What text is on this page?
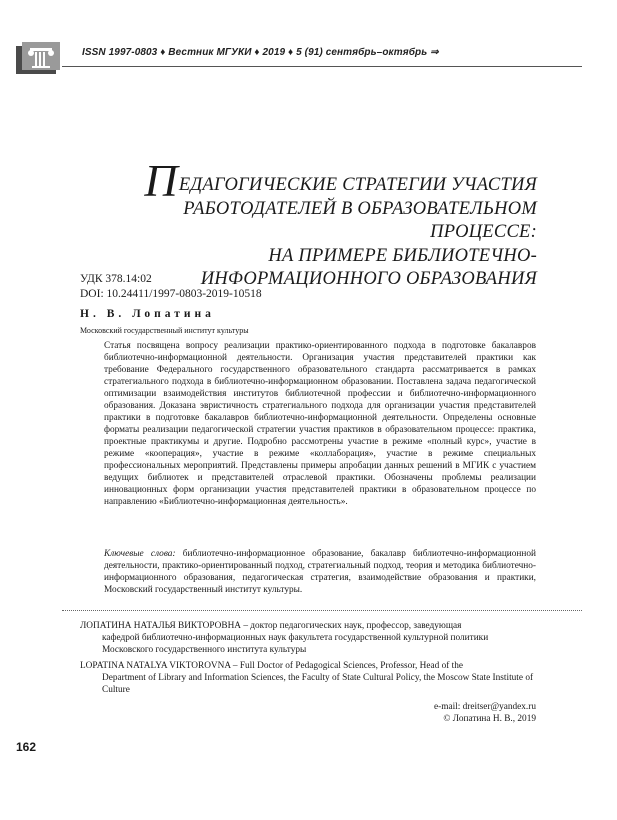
ISSN 1997-0803 ♦ Вестник МГУКИ ♦ 2019 ♦ 5 (91) сентябрь–октябрь ⇒
ПЕДАГОГИЧЕСКИЕ СТРАТЕГИИ УЧАСТИЯ
РАБОТОДАТЕЛЕЙ В ОБРАЗОВАТЕЛЬНОМ ПРОЦЕССЕ:
НА ПРИМЕРЕ БИБЛИОТЕЧНО-
ИНФОРМАЦИОННОГО ОБРАЗОВАНИЯ
УДК 378.14:02
DOI: 10.24411/1997-0803-2019-10518
Н. В. Лопатина
Московский государственный институт культуры
Статья посвящена вопросу реализации практико-ориентированного подхода в подготовке бакалавров библиотечно-информационной деятельности. Организация участия представителей практики как требование Федерального государственного образовательного стандарта рассматривается в рамках стратегиального подхода в библиотечно-информационном образовании. Поставлена задача педагогической оптимизации взаимодействия институтов библиотечной профессии и библиотечно-информационного образования. Доказана эвристичность стратегиального подхода для организации участия представителей практики в подготовке бакалавров библиотечно-информационной деятельности. Определены основные форматы реализации педагогической стратегии участия практиков в образовательном процессе: практика, проектные практикумы и другие. Подробно рассмотрены участие в режиме «полный курс», участие в режиме «кооперация», участие в режиме «коллаборация», участие в режиме специальных профессиональных мероприятий. Представлены примеры апробации данных решений в МГИК с участием ведущих библиотек и представителей отраслевой практики. Обозначены проблемы реализации инновационных форм организации участия представителей практики в образовательном процессе по направлению «Библиотечно-информационная деятельность».
Ключевые слова: библиотечно-информационное образование, бакалавр библиотечно-информационной деятельности, практико-ориентированный подход, стратегиальный подход, теория и методика библиотечно-информационного образования, педагогическая стратегия, взаимодействие образования и практики, Московский государственный институт культуры.
ЛОПАТИНА НАТАЛЬЯ ВИКТОРОВНА – доктор педагогических наук, профессор, заведующая
кафедрой библиотечно-информационных наук факультета государственной культурной политики Московского государственного института культуры
LOPATINA NATALYA VIKTOROVNA – Full Doctor of Pedagogical Sciences, Professor, Head of the
Department of Library and Information Sciences, the Faculty of State Cultural Policy, the Moscow State Institute of Culture
e-mail: dreitser@yandex.ru
© Лопатина Н. В., 2019
162
